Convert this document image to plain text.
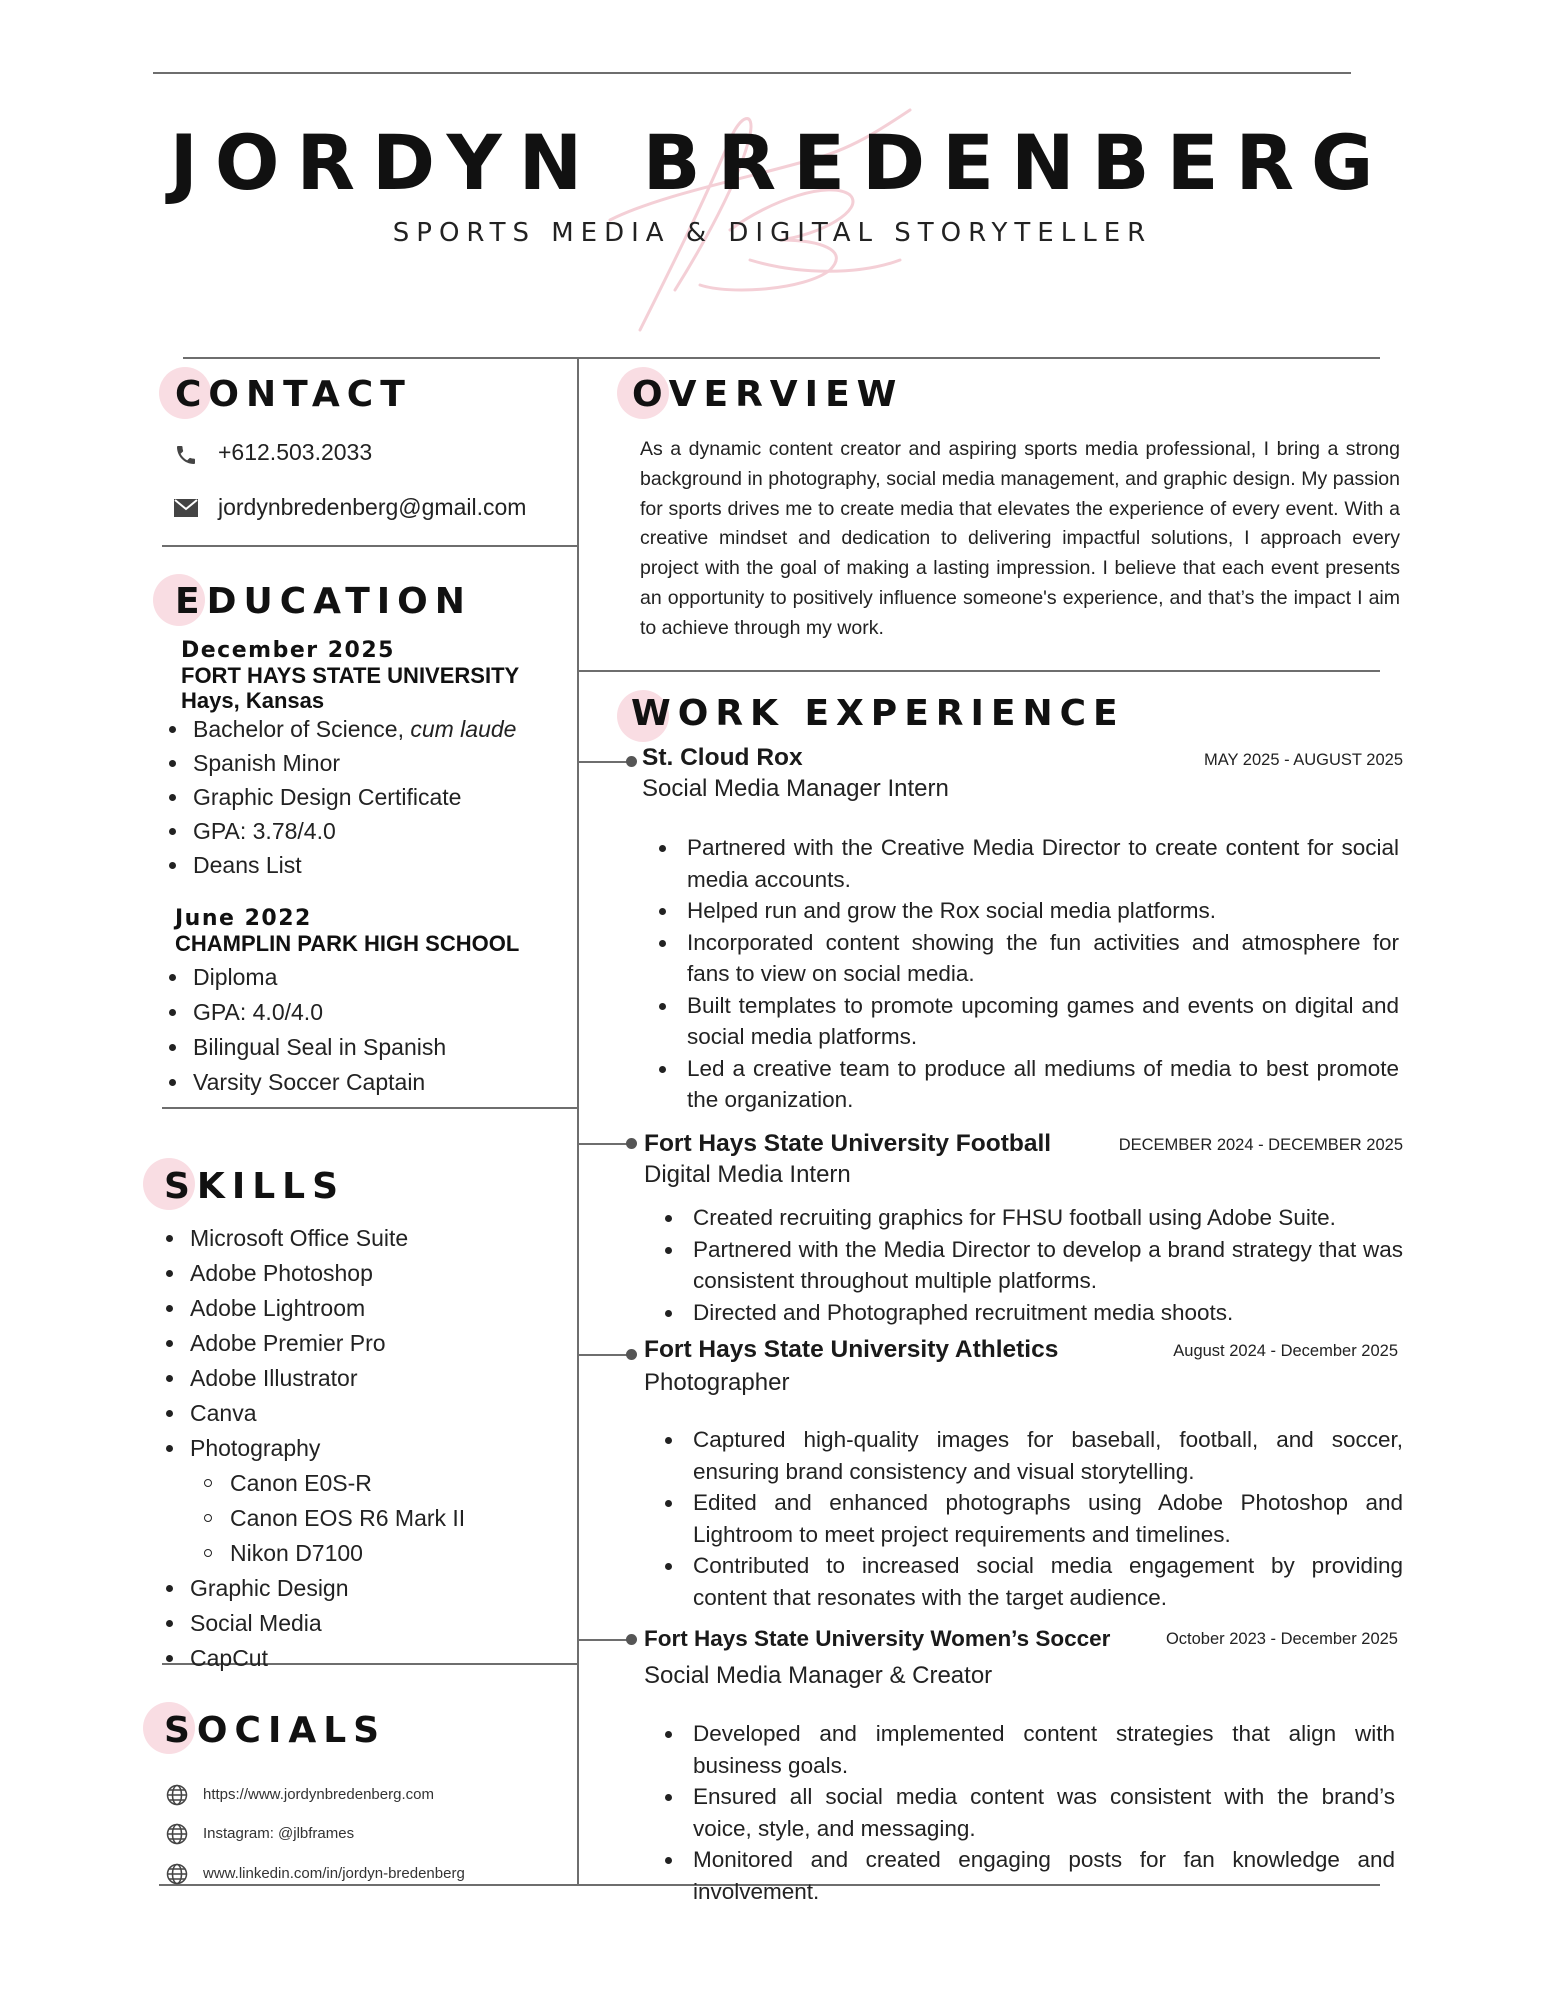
JORDYN BREDENBERG
SPORTS MEDIA & DIGITAL STORYTELLER
CONTACT
+612.503.2033
jordynbredenberg@gmail.com
EDUCATION
December 2025
FORT HAYS STATE UNIVERSITY
Hays, Kansas
Bachelor of Science, cum laude
Spanish Minor
Graphic Design Certificate
GPA: 3.78/4.0
Deans List
June 2022
CHAMPLIN PARK HIGH SCHOOL
Diploma
GPA: 4.0/4.0
Bilingual Seal in Spanish
Varsity Soccer Captain
SKILLS
Microsoft Office Suite
Adobe Photoshop
Adobe Lightroom
Adobe Premier Pro
Adobe Illustrator
Canva
Photography
Canon E0S-R
Canon EOS R6 Mark II
Nikon D7100
Graphic Design
Social Media
CapCut
SOCIALS
https://www.jordynbredenberg.com
Instagram: @jlbframes
www.linkedin.com/in/jordyn-bredenberg
OVERVIEW
As a dynamic content creator and aspiring sports media professional, I bring a strong background in photography, social media management, and graphic design. My passion for sports drives me to create media that elevates the experience of every event. With a creative mindset and dedication to delivering impactful solutions, I approach every project with the goal of making a lasting impression. I believe that each event presents an opportunity to positively influence someone's experience, and that’s the impact I aim to achieve through my work.
WORK EXPERIENCE
St. Cloud Rox	MAY 2025 - AUGUST 2025
Social Media Manager Intern
Partnered with the Creative Media Director to create content for social media accounts.
Helped run and grow the Rox social media platforms.
Incorporated content showing the fun activities and atmosphere for fans to view on social media.
Built templates to promote upcoming games and events on digital and social media platforms.
Led a creative team to produce all mediums of media to best promote the organization.
Fort Hays State University Football	DECEMBER 2024 - DECEMBER 2025
Digital Media Intern
Created recruiting graphics for FHSU football using Adobe Suite.
Partnered with the Media Director to develop a brand strategy that was consistent throughout multiple platforms.
Directed and Photographed recruitment media shoots.
Fort Hays State University Athletics	August 2024 - December 2025
Photographer
Captured high-quality images for baseball, football, and soccer, ensuring brand consistency and visual storytelling.
Edited and enhanced photographs using Adobe Photoshop and Lightroom to meet project requirements and timelines.
Contributed to increased social media engagement by providing content that resonates with the target audience.
Fort Hays State University Women’s Soccer	October 2023 - December 2025
Social Media Manager & Creator
Developed and implemented content strategies that align with business goals.
Ensured all social media content was consistent with the brand’s voice, style, and messaging.
Monitored and created engaging posts for fan knowledge and involvement.
